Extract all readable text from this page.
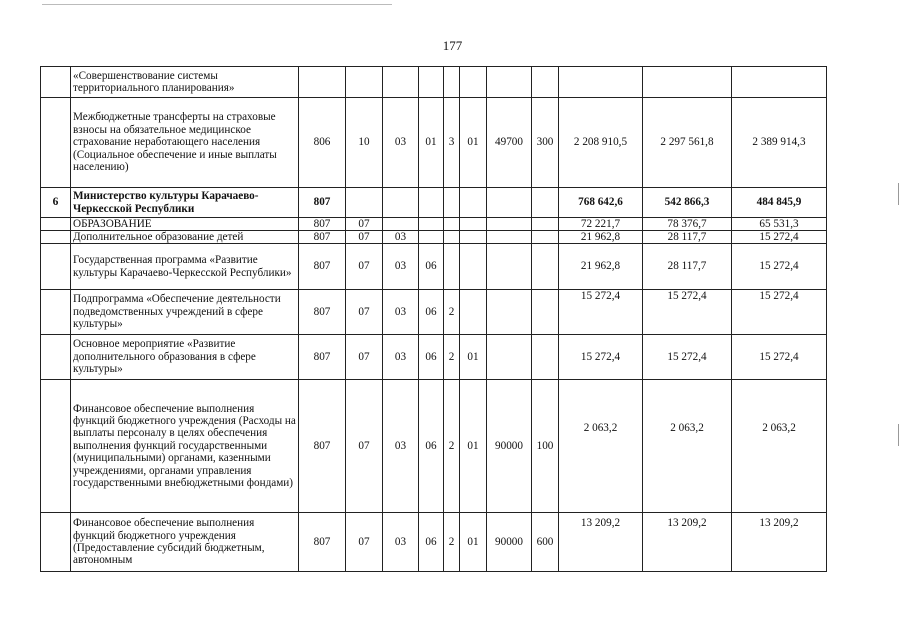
177
	«Совершенствование системы территориального планирования»											
	Межбюджетные трансферты на страховые взносы на обязательное медицинское страхование неработающего населения (Социальное обеспечение и иные выплаты населению)	806	10	03	01	3	01	49700	300	2 208 910,5	2 297 561,8	2 389 914,3
6	Министерство культуры Карачаево-Черкесской Республики	807								768 642,6	542 866,3	484 845,9
	ОБРАЗОВАНИЕ	807	07							72 221,7	78 376,7	65 531,3
	Дополнительное образование детей	807	07	03						21 962,8	28 117,7	15 272,4
	Государственная программа «Развитие культуры Карачаево-Черкесской Республики»	807	07	03	06					21 962,8	28 117,7	15 272,4
	Подпрограмма «Обеспечение деятельности подведомственных учреждений в сфере культуры»	807	07	03	06	2				15 272,4	15 272,4	15 272,4
	Основное мероприятие «Развитие дополнительного образования в сфере культуры»	807	07	03	06	2	01			15 272,4	15 272,4	15 272,4
	Финансовое обеспечение выполнения функций бюджетного учреждения (Расходы на выплаты персоналу в целях обеспечения выполнения функций государственными (муниципальными) органами, казенными учреждениями, органами управления государственными внебюджетными фондами)	807	07	03	06	2	01	90000	100	2 063,2	2 063,2	2 063,2
	Финансовое обеспечение выполнения функций бюджетного учреждения (Предоставление субсидий бюджетным, автономным	807	07	03	06	2	01	90000	600	13 209,2	13 209,2	13 209,2
